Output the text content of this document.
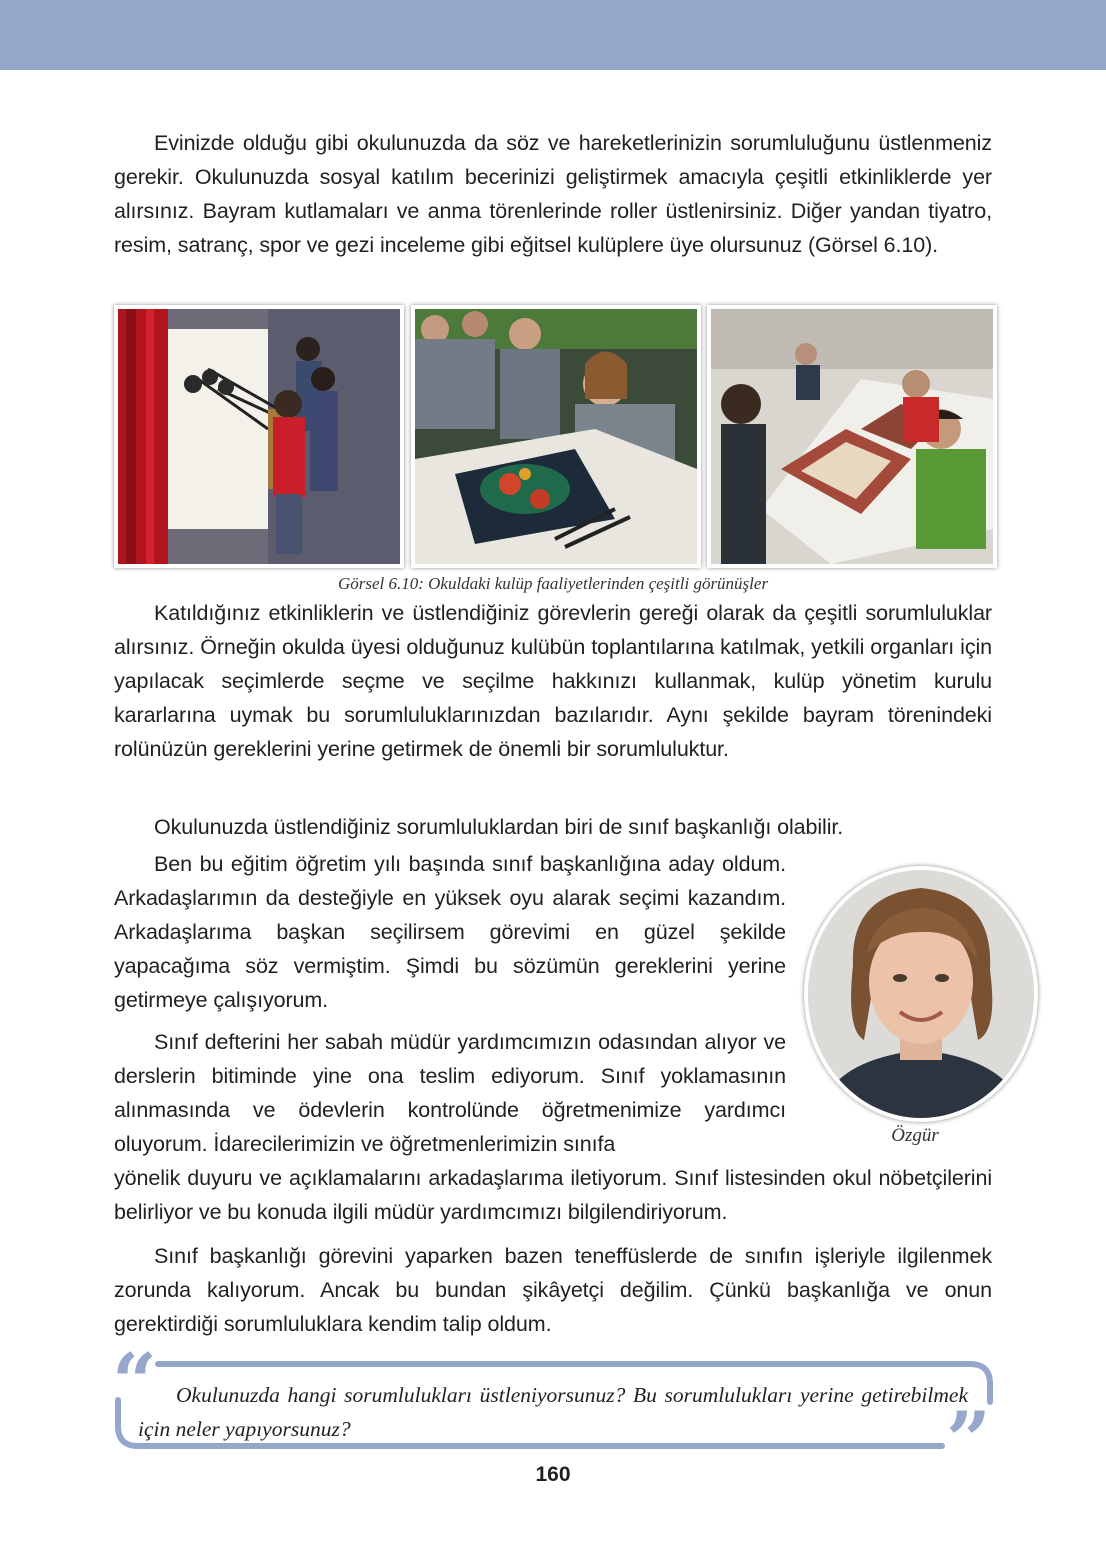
Evinizde olduğu gibi okulunuzda da söz ve hareketlerinizin sorumluluğunu üstlenmeniz gerekir. Okulunuzda sosyal katılım becerinizi geliştirmek amacıyla çeşitli etkinliklerde yer alırsınız. Bayram kutlamaları ve anma törenlerinde roller üstlenirsiniz. Diğer yandan tiyatro, resim, satranç, spor ve gezi inceleme gibi eğitsel kulüplere üye olursunuz (Görsel 6.10).

Görsel 6.10: Okuldaki kulüp faaliyetlerinden çeşitli görünüşler

Katıldığınız etkinliklerin ve üstlendiğiniz görevlerin gereği olarak da çeşitli sorumluluklar alırsınız. Örneğin okulda üyesi olduğunuz kulübün toplantılarına katılmak, yetkili organları için yapılacak seçimlerde seçme ve seçilme hakkınızı kullanmak, kulüp yönetim kurulu kararlarına uymak bu sorumluluklarınızdan bazılarıdır. Aynı şekilde bayram törenindeki rolünüzün gereklerini yerine getirmek de önemli bir sorumluluktur.

Okulunuzda üstlendiğiniz sorumluluklardan biri de sınıf başkanlığı olabilir.

Ben bu eğitim öğretim yılı başında sınıf başkanlığına aday oldum. Arkadaşlarımın da desteğiyle en yüksek oyu alarak seçimi kazandım. Arkadaşlarıma başkan seçilirsem görevimi en güzel şekilde yapacağıma söz vermiştim. Şimdi bu sözümün gereklerini yerine getirmeye çalışıyorum.

Sınıf defterini her sabah müdür yardımcımızın odasından alıyor ve derslerin bitiminde yine ona teslim ediyorum. Sınıf yoklamasının alınmasında ve ödevlerin kontrolünde öğretmenimize yardımcı oluyorum. İdarecilerimizin ve öğretmenlerimizin sınıfa

yönelik duyuru ve açıklamalarını arkadaşlarıma iletiyorum. Sınıf listesinden okul nöbetçilerini belirliyor ve bu konuda ilgili müdür yardımcımızı bilgilendiriyorum.

Özgür

Sınıf başkanlığı görevini yaparken bazen teneffüslerde de sınıfın işleriyle ilgilenmek zorunda kalıyorum. Ancak bu bundan şikâyetçi değilim. Çünkü başkanlığa ve onun gerektirdiği sorumluluklara kendim talip oldum.

“ Okulunuzda hangi sorumlulukları üstleniyorsunuz? Bu sorumlulukları yerine getirebilmek için neler yapıyorsunuz?	”
160
